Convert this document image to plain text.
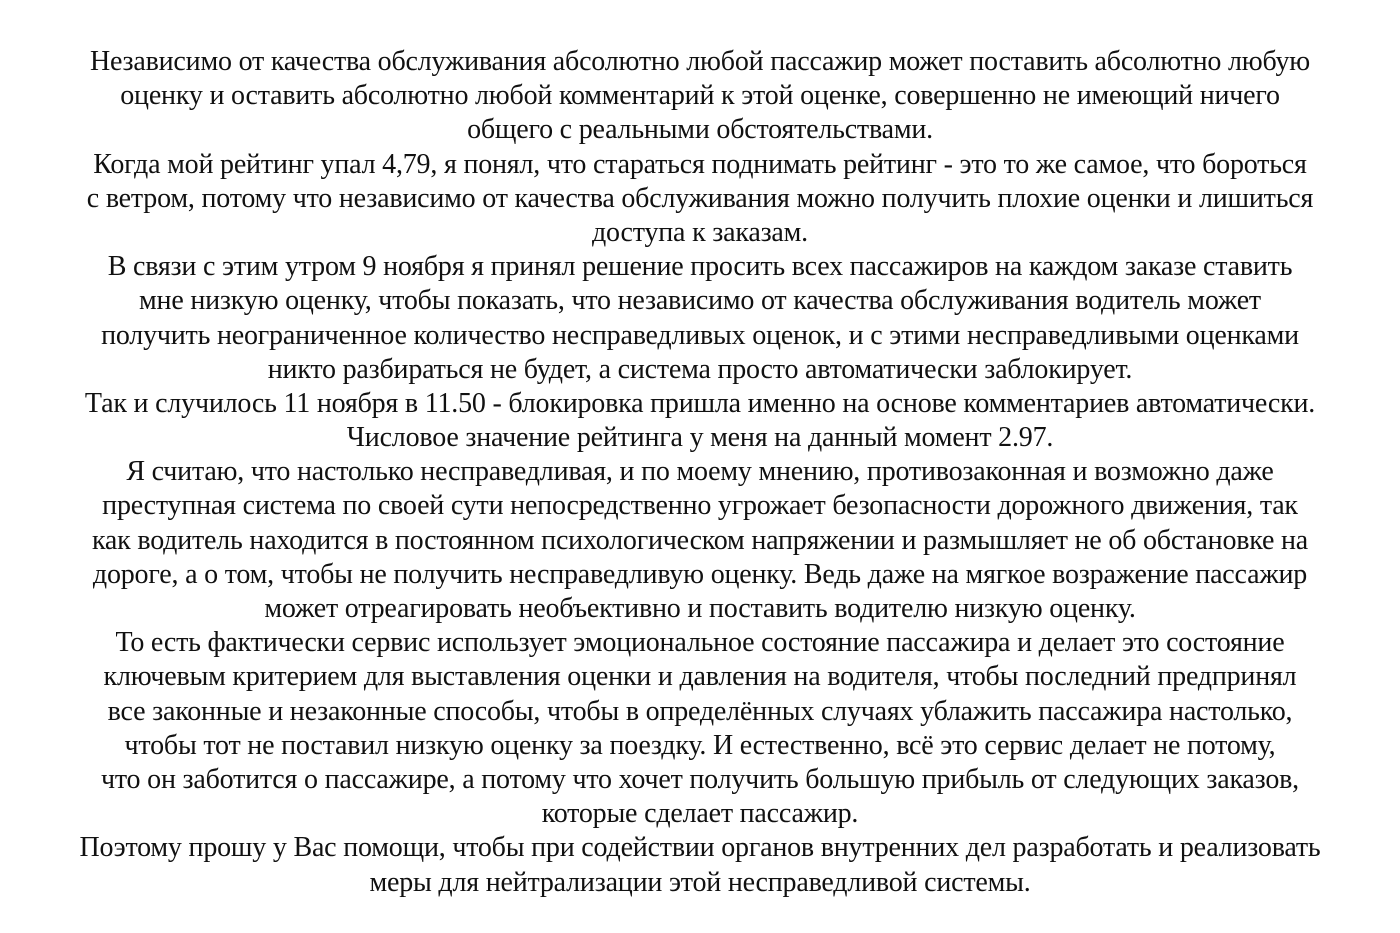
Независимо от качества обслуживания абсолютно любой пассажир может поставить абсолютно любую
оценку и оставить абсолютно любой комментарий к этой оценке, совершенно не имеющий ничего
общего с реальными обстоятельствами.
Когда мой рейтинг упал 4,79, я понял, что стараться поднимать рейтинг - это то же самое, что бороться
с ветром, потому что независимо от качества обслуживания можно получить плохие оценки и лишиться
доступа к заказам.
В связи с этим утром 9 ноября я принял решение просить всех пассажиров на каждом заказе ставить
мне низкую оценку, чтобы показать, что независимо от качества обслуживания водитель может
получить неограниченное количество несправедливых оценок, и с этими несправедливыми оценками
никто разбираться не будет, а система просто автоматически заблокирует.
Так и случилось 11 ноября в 11.50 - блокировка пришла именно на основе комментариев автоматически.
Числовое значение рейтинга у меня на данный момент 2.97.
Я считаю, что настолько несправедливая, и по моему мнению, противозаконная и возможно даже
преступная система по своей сути непосредственно угрожает безопасности дорожного движения, так
как водитель находится в постоянном психологическом напряжении и размышляет не об обстановке на
дороге, а о том, чтобы не получить несправедливую оценку. Ведь даже на мягкое возражение пассажир
может отреагировать необъективно и поставить водителю низкую оценку.
То есть фактически сервис использует эмоциональное состояние пассажира и делает это состояние
ключевым критерием для выставления оценки и давления на водителя, чтобы последний предпринял
все законные и незаконные способы, чтобы в определённых случаях ублажить пассажира настолько,
чтобы тот не поставил низкую оценку за поездку. И естественно, всё это сервис делает не потому,
что он заботится о пассажире, а потому что хочет получить большую прибыль от следующих заказов,
которые сделает пассажир.
Поэтому прошу у Вас помощи, чтобы при содействии органов внутренних дел разработать и реализовать
меры для нейтрализации этой несправедливой системы.
